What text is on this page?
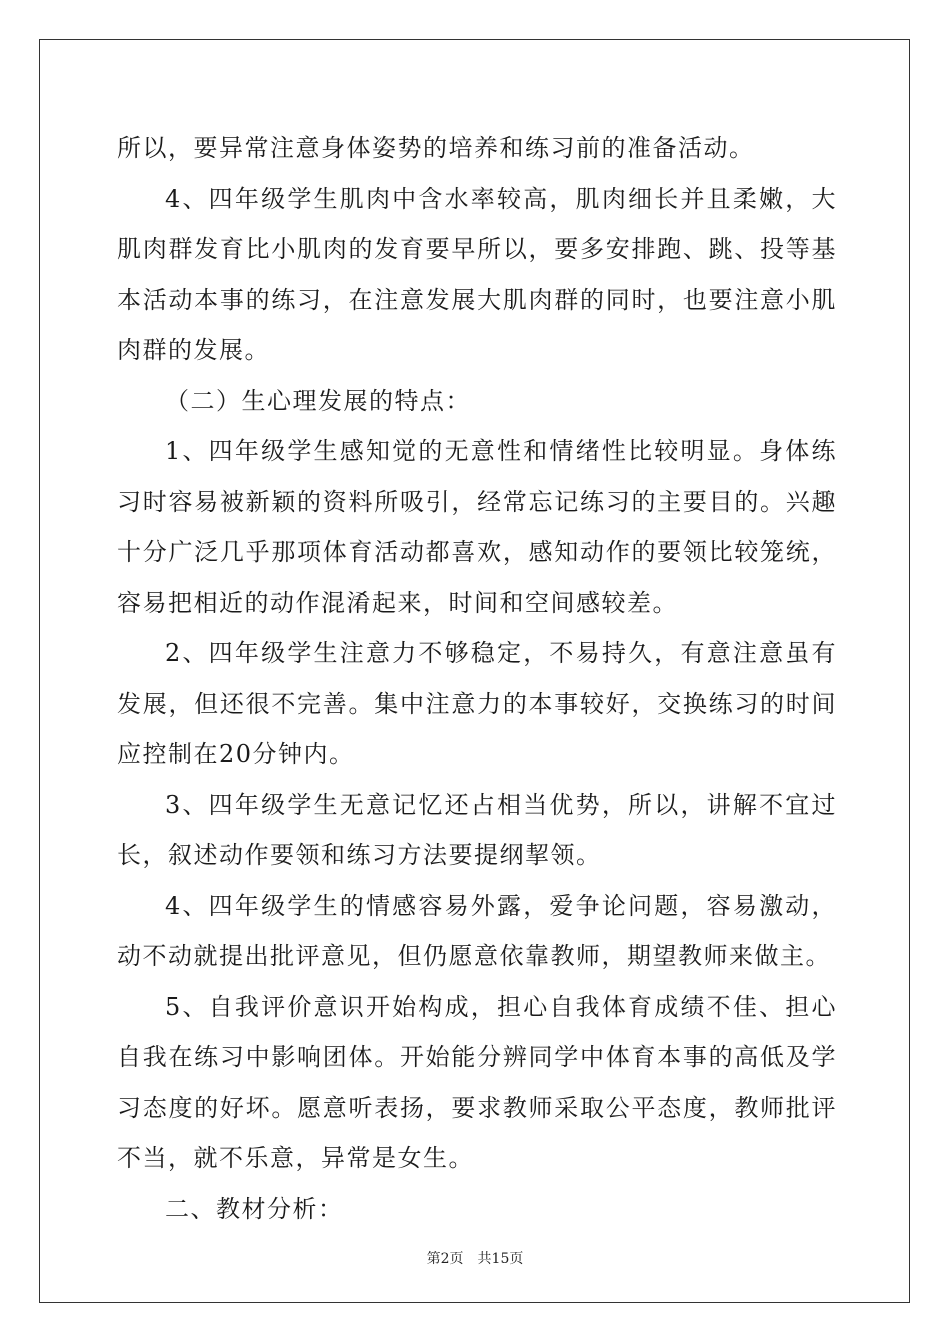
所以，要异常注意身体姿势的培养和练习前的准备活动。

4、四年级学生肌肉中含水率较高，肌肉细长并且柔嫩，大肌肉群发育比小肌肉的发育要早所以，要多安排跑、跳、投等基本活动本事的练习，在注意发展大肌肉群的同时，也要注意小肌肉群的发展。

（二）生心理发展的特点：

1、四年级学生感知觉的无意性和情绪性比较明显。身体练习时容易被新颖的资料所吸引，经常忘记练习的主要目的。兴趣十分广泛几乎那项体育活动都喜欢，感知动作的要领比较笼统，容易把相近的动作混淆起来，时间和空间感较差。

2、四年级学生注意力不够稳定，不易持久，有意注意虽有发展，但还很不完善。集中注意力的本事较好，交换练习的时间应控制在20分钟内。

3、四年级学生无意记忆还占相当优势，所以，讲解不宜过长，叙述动作要领和练习方法要提纲挈领。

4、四年级学生的情感容易外露，爱争论问题，容易激动，动不动就提出批评意见，但仍愿意依靠教师，期望教师来做主。

5、自我评价意识开始构成，担心自我体育成绩不佳、担心自我在练习中影响团体。开始能分辨同学中体育本事的高低及学习态度的好坏。愿意听表扬，要求教师采取公平态度，教师批评不当，就不乐意，异常是女生。

二、教材分析：

第2页 共15页
